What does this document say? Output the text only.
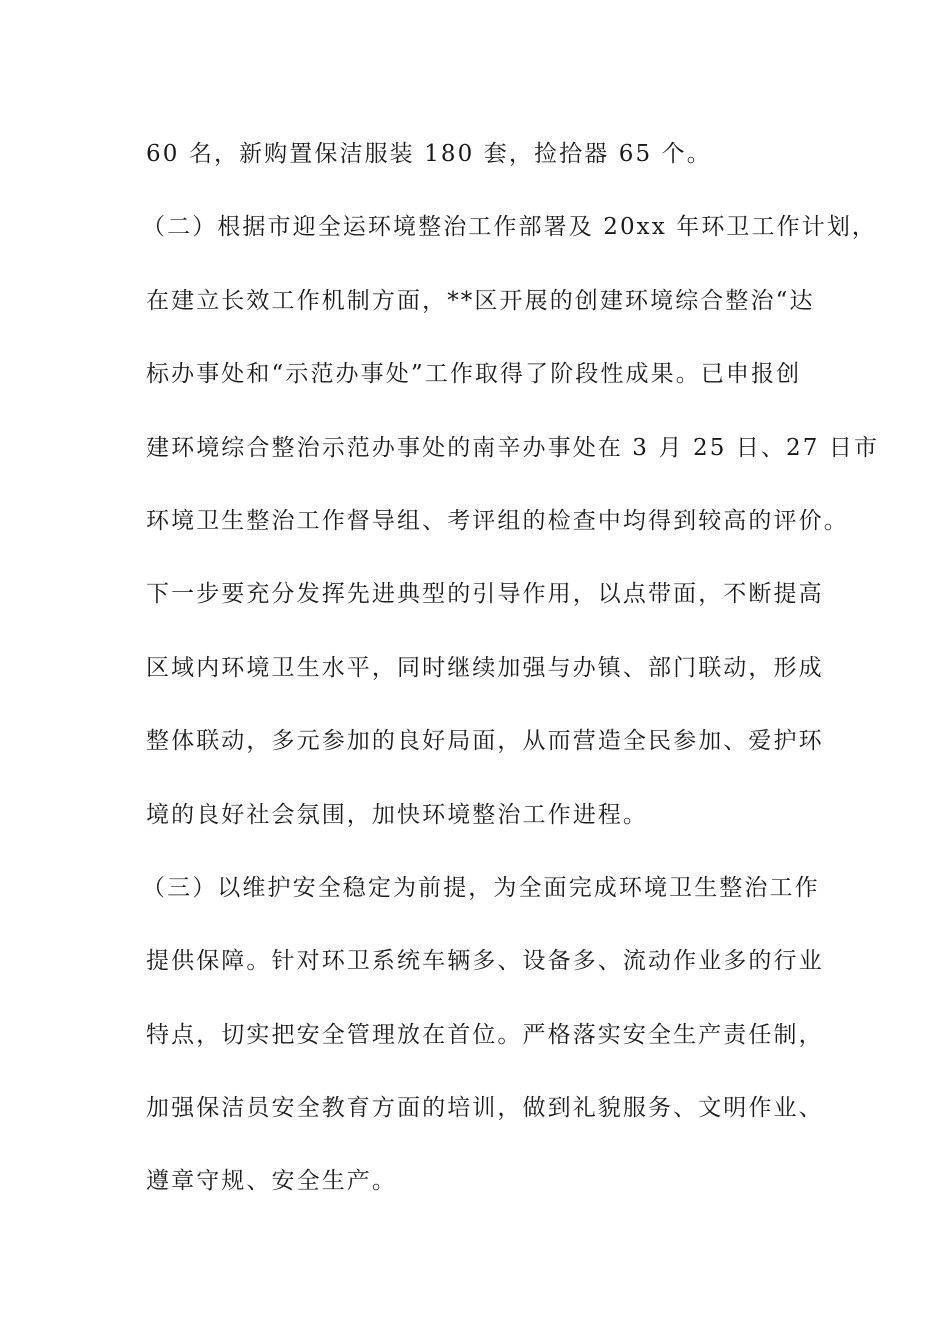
60 名，新购置保洁服装 180 套，捡拾器 65 个。
（二）根据市迎全运环境整治工作部署及 20xx 年环卫工作计划，
在建立长效工作机制方面，**区开展的创建环境综合整治“达
标办事处和“示范办事处”工作取得了阶段性成果。已申报创
建环境综合整治示范办事处的南辛办事处在 3 月 25 日、27 日市
环境卫生整治工作督导组、考评组的检查中均得到较高的评价。
下一步要充分发挥先进典型的引导作用，以点带面，不断提高
区域内环境卫生水平，同时继续加强与办镇、部门联动，形成
整体联动，多元参加的良好局面，从而营造全民参加、爱护环
境的良好社会氛围，加快环境整治工作进程。
（三）以维护安全稳定为前提，为全面完成环境卫生整治工作
提供保障。针对环卫系统车辆多、设备多、流动作业多的行业
特点，切实把安全管理放在首位。严格落实安全生产责任制，
加强保洁员安全教育方面的培训，做到礼貌服务、文明作业、
遵章守规、安全生产。
